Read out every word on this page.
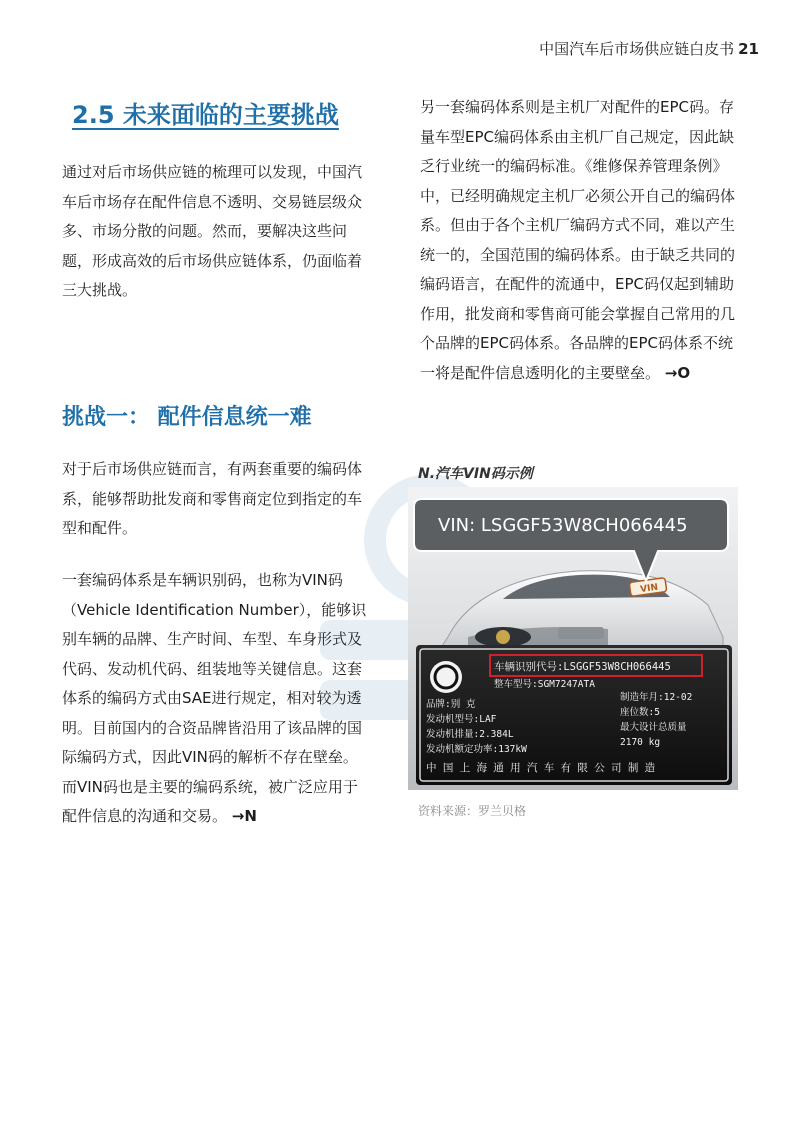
中国汽车后市场供应链白皮书 21
2.5 未来面临的主要挑战

通过对后市场供应链的梳理可以发现，中国汽车后市场存在配件信息不透明、交易链层级众多、市场分散的问题。然而，要解决这些问题，形成高效的后市场供应链体系，仍面临着三大挑战。

挑战一： 配件信息统一难

对于后市场供应链而言，有两套重要的编码体系，能够帮助批发商和零售商定位到指定的车型和配件。

一套编码体系是车辆识别码，也称为VIN码（Vehicle Identification Number），能够识别车辆的品牌、生产时间、车型、车身形式及代码、发动机代码、组装地等关键信息。这套体系的编码方式由SAE进行规定，相对较为透明。目前国内的合资品牌皆沿用了该品牌的国际编码方式，因此VIN码的解析不存在壁垒。 而VIN码也是主要的编码系统，被广泛应用于配件信息的沟通和交易。 →N

另一套编码体系则是主机厂对配件的EPC码。存量车型EPC编码体系由主机厂自己规定，因此缺乏行业统一的编码标准。《维修保养管理条例》中，已经明确规定主机厂必须公开自己的编码体系。但由于各个主机厂编码方式不同，难以产生统一的，全国范围的编码体系。由于缺乏共同的编码语言，在配件的流通中，EPC码仅起到辅助作用，批发商和零售商可能会掌握自己常用的几个品牌的EPC码体系。各品牌的EPC码体系不统一将是配件信息透明化的主要壁垒。 →O

N.汽车VIN码示例
VIN
VIN: LSGGF53W8CH066445
车辆识别代号:LSGGF53W8CH066445
整车型号:SGM7247ATA
品牌:别 克
发动机型号:LAF
发动机排量:2.384L
发动机额定功率:137kW
制造年月:12-02
座位数:5
最大设计总质量
2170 kg
中 国 上 海 通 用 汽 车 有 限 公 司 制 造
资料来源：罗兰贝格
